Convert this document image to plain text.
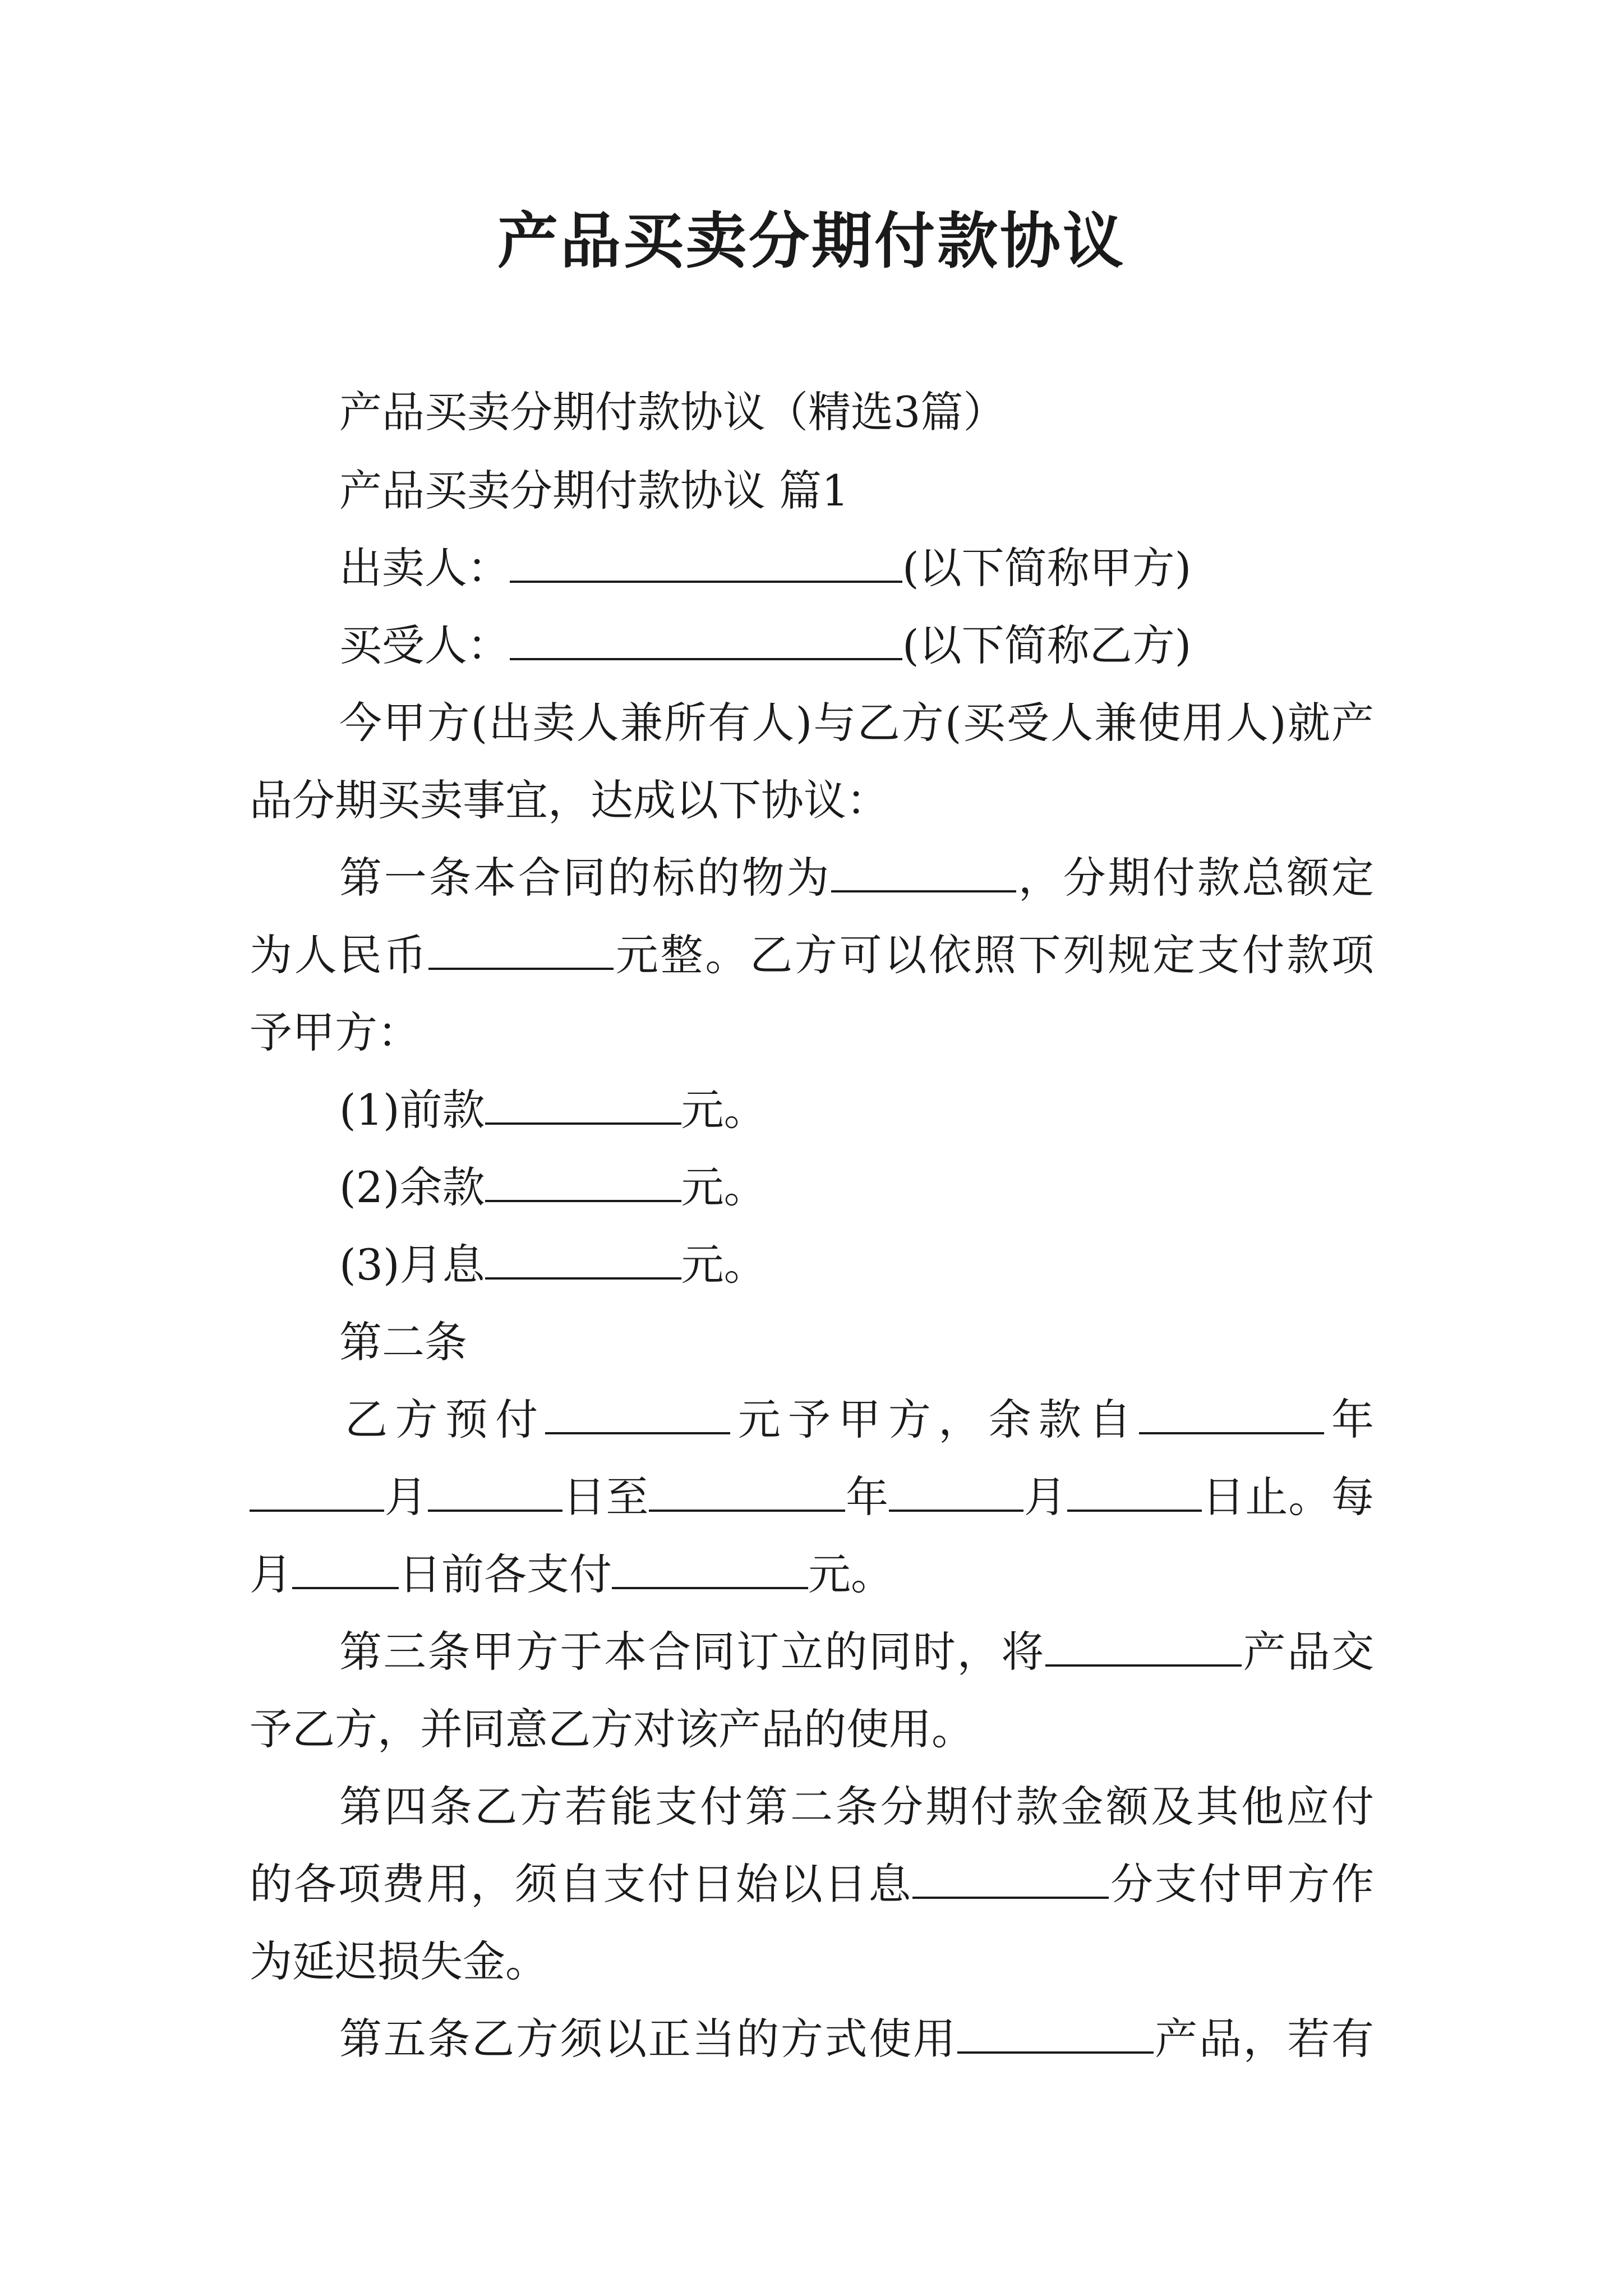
产品买卖分期付款协议
产品买卖分期付款协议（精选3篇）
产品买卖分期付款协议 篇1
出卖人：	(以下简称甲方)
买受人：	(以下简称乙方)
今甲方(出卖人兼所有人)与乙方(买受人兼使用人)就产
品分期买卖事宜，达成以下协议：
第一条本合同的标的物为	，分期付款总额定
为人民币	元整。乙方可以依照下列规定支付款项
予甲方：
(1)前款	元。
(2)余款	元。
(3)月息	元。
第二条
乙方预付	元予甲方，余款自	年
月	日至	年	月	日止。每
月	日前各支付	元。
第三条甲方于本合同订立的同时，将	产品交
予乙方，并同意乙方对该产品的使用。
第四条乙方若能支付第二条分期付款金额及其他应付
的各项费用，须自支付日始以日息	分支付甲方作
为延迟损失金。
第五条乙方须以正当的方式使用	产品，若有
